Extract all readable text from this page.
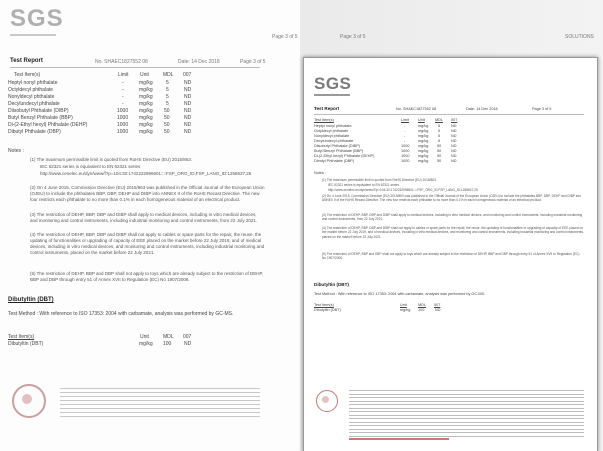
SGS
Test Report	No. SHAEC1827552 08	Date: 14 Dec 2018	Page 3 of 5
Test Item(s)	Limit Unit	MDL 007
Heptyl nonyl phthalate	-	mg/kg	5	ND
Octyldecyl phthalate	-	mg/kg	5	ND
Nonyldecyl phthalate	-	mg/kg	5	ND
Decylundecyl phthalate	-	mg/kg	5	ND
Diisobutyl Phthalate (DIBP)	1000 mg/kg 50	ND
Butyl Benzyl Phthalate (BBP)	1000 mg/kg 50	ND
Di-(2-Ethyl hexyl) Phthalate (DEHP)	1000 mg/kg 50	ND
Dibutyl Phthalate (DBP)	1000 mg/kg 50	ND
Notes :
(1) The maximum permissible limit is quoted from RoHS Directive (EU) 2015/863.
IEC 62321 series is equivalent to EN 62321 series
http://www.cenelec.eu/dyn/www/f?p=104:30:1742232996601::::FSP_ORG_ID,FSP_LANG_ID:1258637,25
(2) On 4 June 2015, Commission Directive (EU) 2015/863 was published in the Official Journal of the European Union (OJEU) to include the phthalates BBP, DBP, DEHP and DIBP into ANNEX II of the RoHS Recast Directive. The new four restricts each phthalate to no more than 0.1% in each homogeneous material of an electrical product.
(3) The restriction of DEHP, BBP, DBP and DIBP shall apply to medical devices, including in vitro medical devices, and monitoring and control instruments, including industrial monitoring and control instruments, from 22 July 2021.
(4) The restriction of DEHP, BBP, DBP and DIBP shall not apply to cables or spare parts for the repair, the reuse, the updating of functionalities or upgrading of capacity of EEE placed on the market before 22 July 2019, and of medical devices, including in vitro medical devices, and monitoring and control instruments, including industrial monitoring and control instruments, placed on the market before 22 July 2021.
(5) The restriction of DEHP, BBP and DBP shall not apply to toys which are already subject to the restriction of DEHP, BBP and DBP through entry 51 of Annex XVII to Regulation (EC) No 1907/2006.
Dibutyltin (DBT)
Test Method : With reference to ISO 17353: 2004 with carbamate, analysis was performed by GC-MS.
Test Item(s)	Unit	MDL 007
Dibutyltin (DBT)	mg/kg 100	ND
Page 3 of 5	Page 3 of 5	SOLUTIONS
SGS
Test Report	No. SHAEC1827552 08	Date: 14 Dec 2018	Page 3 of 5
Test Item(s)	Limit Unit	MDL 007
Heptyl nonyl phthalate	-	mg/kg	5	ND
Octyldecyl phthalate	-	mg/kg	5	ND
Nonyldecyl phthalate	-	mg/kg	5	ND
Decylundecyl phthalate	-	mg/kg	5	ND
Diisobutyl Phthalate (DIBP)	1000 mg/kg 50	ND
Butyl Benzyl Phthalate (BBP)	1000 mg/kg 50	ND
Di-(2-Ethyl hexyl) Phthalate (DEHP)	1000 mg/kg 50	ND
Dibutyl Phthalate (DBP)	1000 mg/kg 50	ND
Notes :
(1) The maximum permissible limit is quoted from RoHS Directive (EU) 2015/863.
IEC 62321 series is equivalent to EN 62321 series
http://www.cenelec.eu/dyn/www/f?p=104:30:1742232996601::::FSP_ORG_ID,FSP_LANG_ID:1258637,25
(2) On 4 June 2015, Commission Directive (EU) 2015/863 was published in the Official Journal of the European Union (OJEU) to include the phthalates BBP, DBP, DEHP and DIBP into ANNEX II of the RoHS Recast Directive. The new four restricts each phthalate to no more than 0.1% in each homogeneous material of an electrical product.
(3) The restriction of DEHP, BBP, DBP and DIBP shall apply to medical devices, including in vitro medical devices, and monitoring and control instruments, including industrial monitoring and control instruments, from 22 July 2021.
(4) The restriction of DEHP, BBP, DBP and DIBP shall not apply to cables or spare parts for the repair, the reuse, the updating of functionalities or upgrading of capacity of EEE placed on the market before 22 July 2019, and of medical devices, including in vitro medical devices, and monitoring and control instruments, including industrial monitoring and control instruments, placed on the market before 22 July 2021.
(5) The restriction of DEHP, BBP and DBP shall not apply to toys which are already subject to the restriction of DEHP, BBP and DBP through entry 51 of Annex XVII to Regulation (EC) No 1907/2006.
Dibutyltin (DBT)
Test Method : With reference to ISO 17353: 2004 with carbamate, analysis was performed by GC-MS.
Test Item(s)	Unit	MDL 007
Dibutyltin (DBT)	mg/kg 100	ND
